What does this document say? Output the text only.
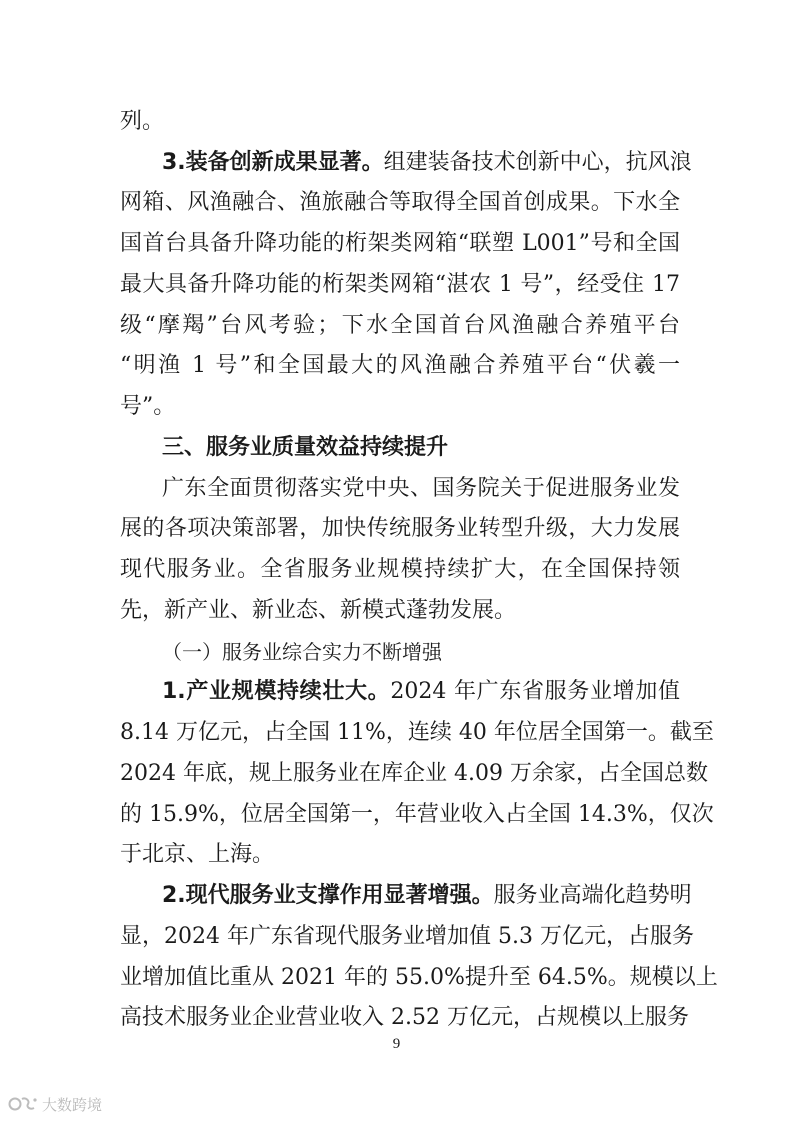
列。
3.装备创新成果显著。组建装备技术创新中心，抗风浪
网箱、风渔融合、渔旅融合等取得全国首创成果。下水全
国首台具备升降功能的桁架类网箱“联塑 L001”号和全国
最大具备升降功能的桁架类网箱“湛农 1 号”，经受住 17
级“摩羯”台风考验；下水全国首台风渔融合养殖平台
“明渔 1 号”和全国最大的风渔融合养殖平台“伏羲一
号”。
三、服务业质量效益持续提升
广东全面贯彻落实党中央、国务院关于促进服务业发
展的各项决策部署，加快传统服务业转型升级，大力发展
现代服务业。全省服务业规模持续扩大，在全国保持领
先，新产业、新业态、新模式蓬勃发展。
（一）服务业综合实力不断增强
1.产业规模持续壮大。2024 年广东省服务业增加值
8.14 万亿元，占全国 11%，连续 40 年位居全国第一。截至
2024 年底，规上服务业在库企业 4.09 万余家，占全国总数
的 15.9%，位居全国第一，年营业收入占全国 14.3%，仅次
于北京、上海。
2.现代服务业支撑作用显著增强。服务业高端化趋势明
显，2024 年广东省现代服务业增加值 5.3 万亿元，占服务
业增加值比重从 2021 年的 55.0%提升至 64.5%。规模以上
高技术服务业企业营业收入 2.52 万亿元，占规模以上服务
9
大数跨境
